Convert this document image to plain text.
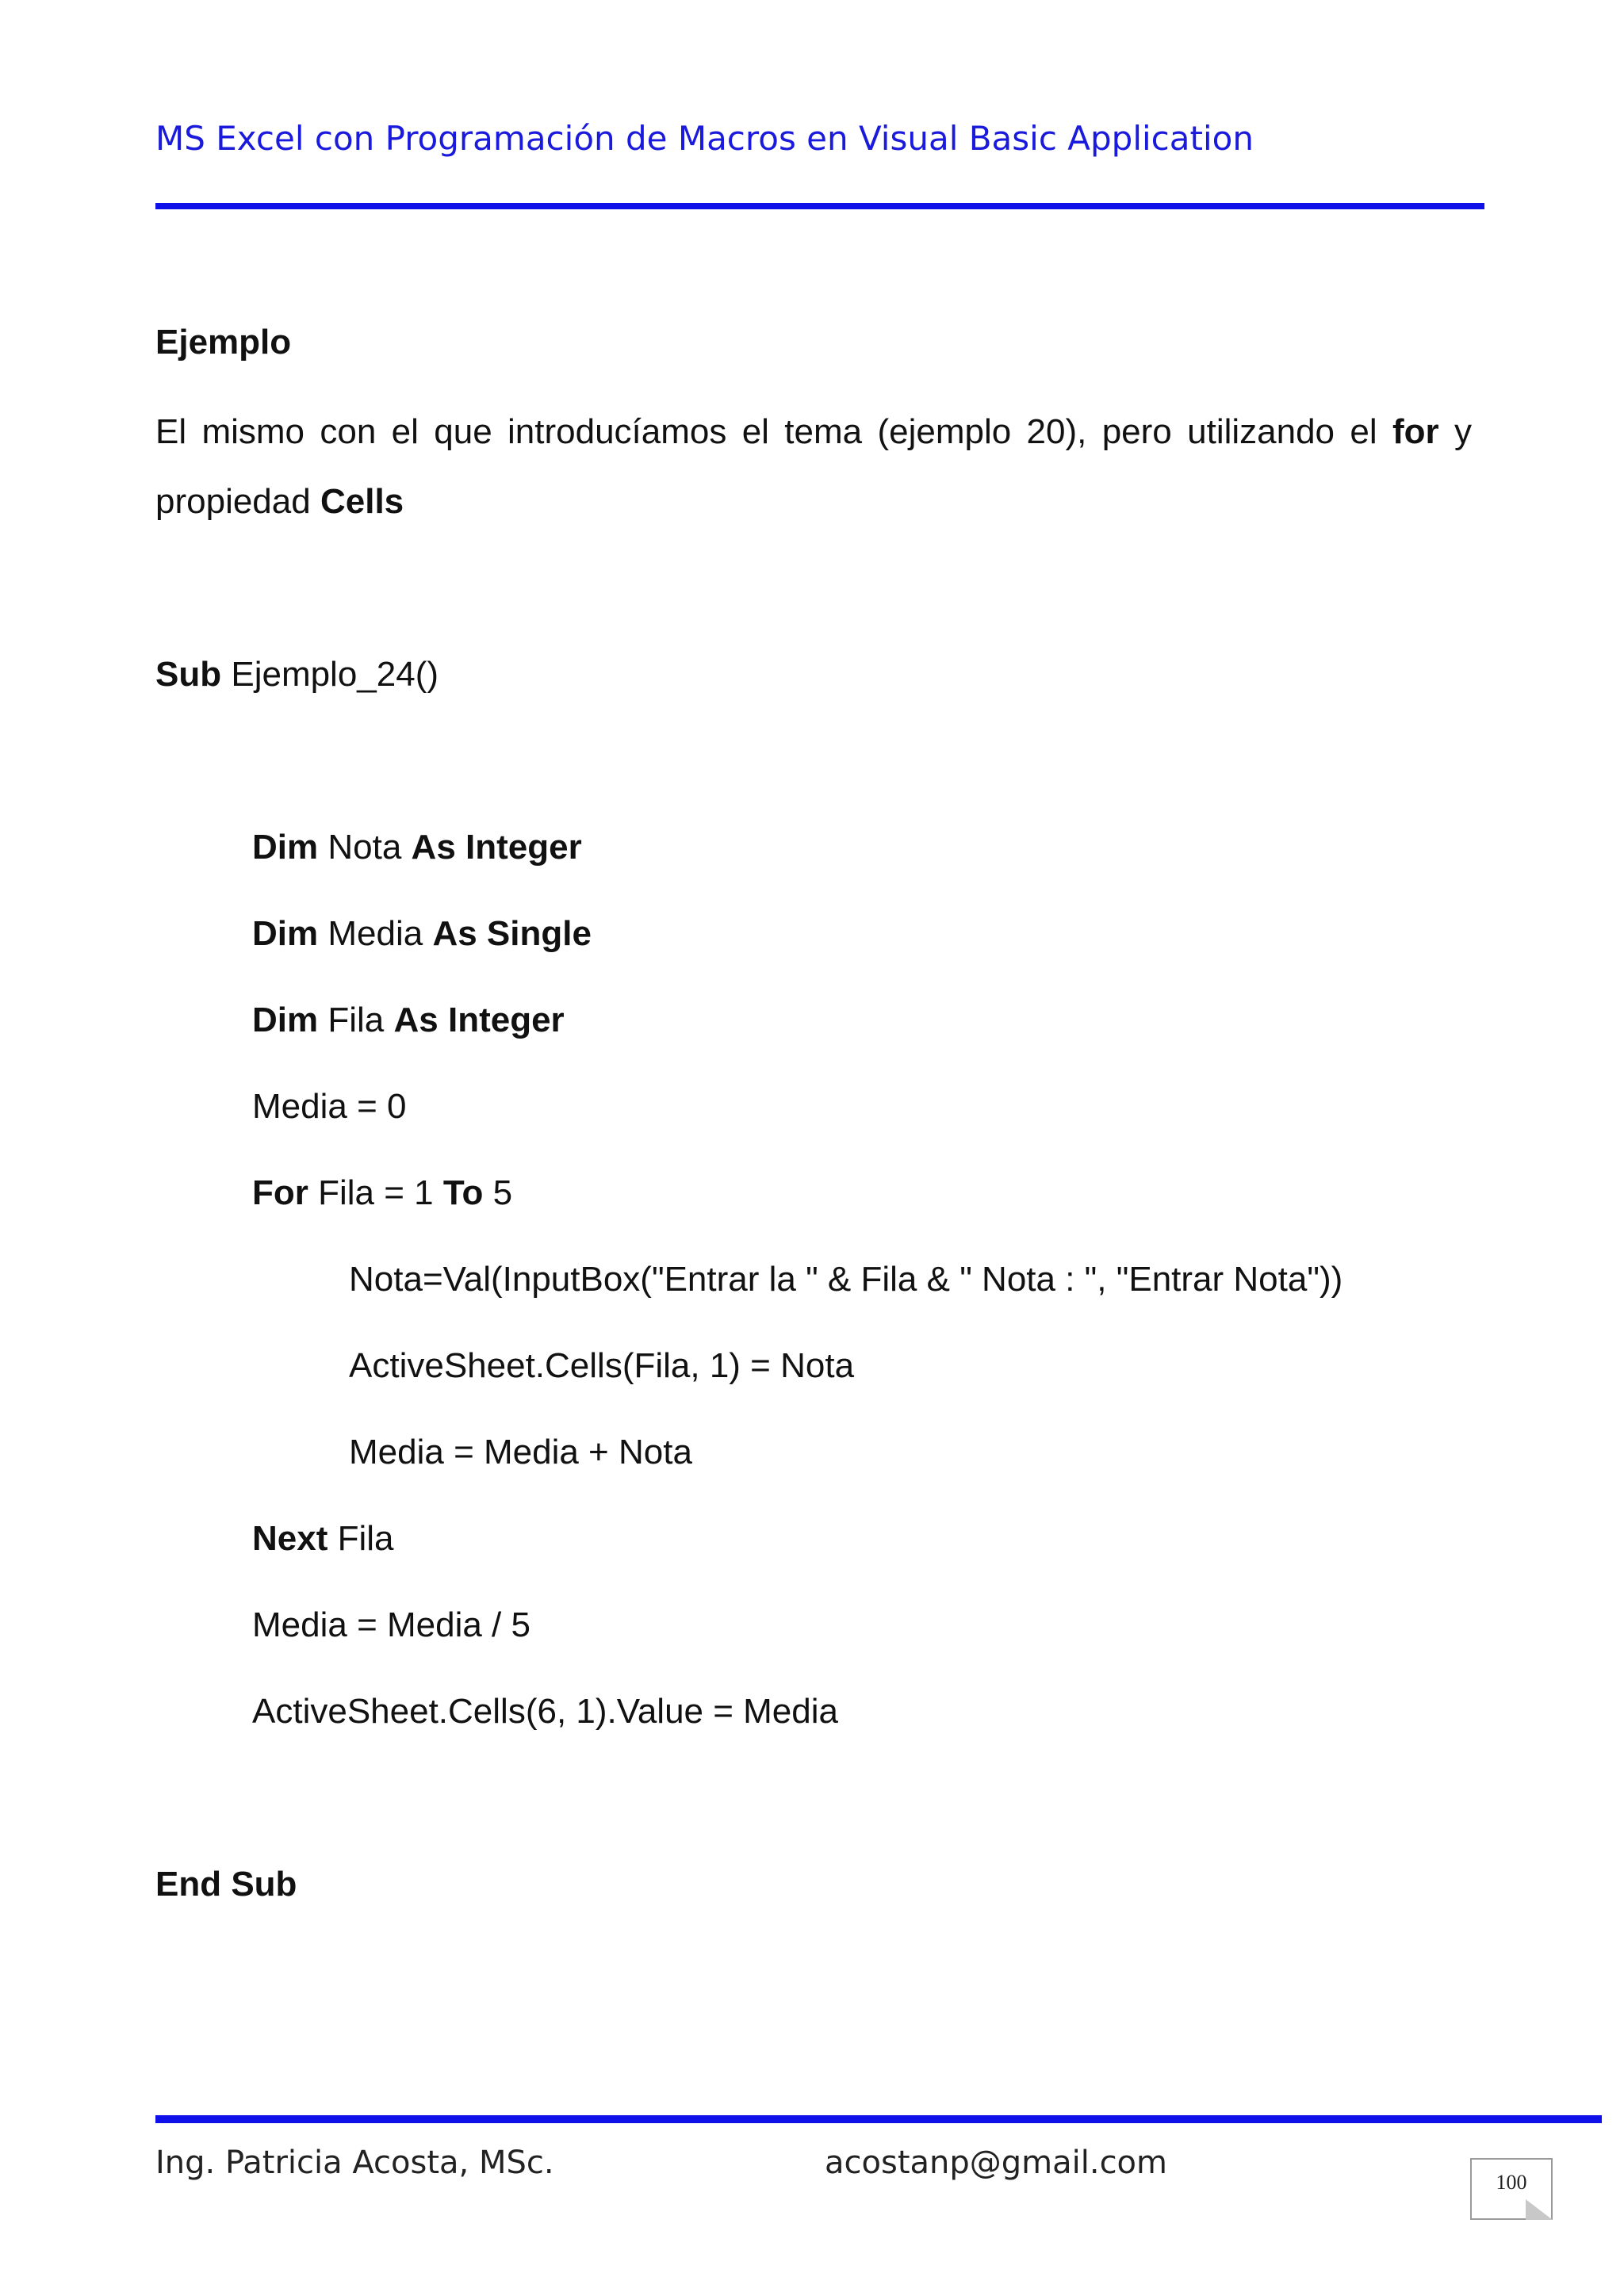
MS Excel con Programación de Macros en Visual Basic Application
Ejemplo
El mismo con el que introducíamos el tema (ejemplo 20), pero utilizando el for y
propiedad Cells
Sub Ejemplo_24()
Dim Nota As Integer
Dim Media As Single
Dim Fila As Integer
Media = 0
For Fila = 1 To 5
Nota=Val(InputBox("Entrar la " & Fila & " Nota : ", "Entrar Nota"))
ActiveSheet.Cells(Fila, 1) = Nota
Media = Media + Nota
Next Fila
Media = Media / 5
ActiveSheet.Cells(6, 1).Value = Media
End Sub
Ing. Patricia Acosta, MSc.	acostanp@gmail.com
100
